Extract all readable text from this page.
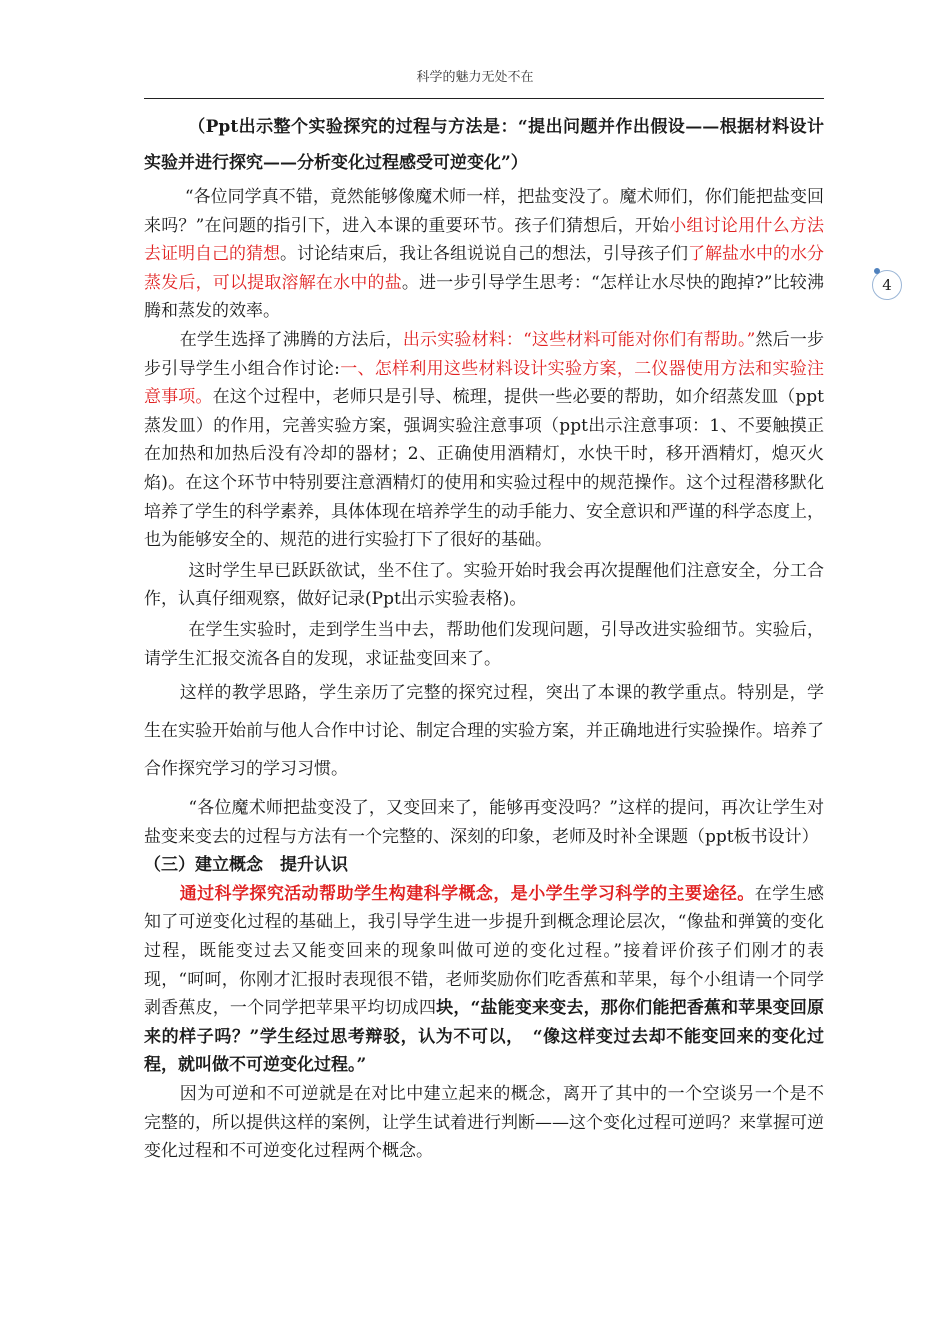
科学的魅力无处不在
4

（Ppt出示整个实验探究的过程与方法是：“提出问题并作出假设——根据材料设计实验并进行探究——分析变化过程感受可逆变化”）

　“各位同学真不错，竟然能够像魔术师一样，把盐变没了。魔术师们，你们能把盐变回来吗？”在问题的指引下，进入本课的重要环节。孩子们猜想后，开始小组讨论用什么方法去证明自己的猜想。讨论结束后，我让各组说说自己的想法，引导孩子们了解盐水中的水分蒸发后，可以提取溶解在水中的盐。进一步引导学生思考：“怎样让水尽快的跑掉?”比较沸腾和蒸发的效率。

在学生选择了沸腾的方法后，出示实验材料：“这些材料可能对你们有帮助。”然后一步步引导学生小组合作讨论:一、怎样利用这些材料设计实验方案，二仪器使用方法和实验注意事项。在这个过程中，老师只是引导、梳理，提供一些必要的帮助，如介绍蒸发皿（ppt蒸发皿）的作用，完善实验方案，强调实验注意事项（ppt出示注意事项：1、不要触摸正在加热和加热后没有冷却的器材；2、正确使用酒精灯，水快干时，移开酒精灯，熄灭火焰)。在这个环节中特别要注意酒精灯的使用和实验过程中的规范操作。这个过程潜移默化培养了学生的科学素养，具体体现在培养学生的动手能力、安全意识和严谨的科学态度上，也为能够安全的、规范的进行实验打下了很好的基础。

　这时学生早已跃跃欲试，坐不住了。实验开始时我会再次提醒他们注意安全，分工合作，认真仔细观察，做好记录(Ppt出示实验表格)。

　在学生实验时，走到学生当中去，帮助他们发现问题，引导改进实验细节。实验后，请学生汇报交流各自的发现，求证盐变回来了。

这样的教学思路，学生亲历了完整的探究过程，突出了本课的教学重点。特别是，学生在实验开始前与他人合作中讨论、制定合理的实验方案，并正确地进行实验操作。培养了合作探究学习的学习习惯。

　“各位魔术师把盐变没了，又变回来了，能够再变没吗？”这样的提问，再次让学生对盐变来变去的过程与方法有一个完整的、深刻的印象，老师及时补全课题（ppt板书设计）

（三）建立概念　提升认识

通过科学探究活动帮助学生构建科学概念，是小学生学习科学的主要途径。在学生感知了可逆变化过程的基础上，我引导学生进一步提升到概念理论层次，“像盐和弹簧的变化过程，既能变过去又能变回来的现象叫做可逆的变化过程。”接着评价孩子们刚才的表现，“呵呵，你刚才汇报时表现很不错，老师奖励你们吃香蕉和苹果，每个小组请一个同学剥香蕉皮，一个同学把苹果平均切成四块，“盐能变来变去，那你们能把香蕉和苹果变回原来的样子吗？”学生经过思考辩驳，认为不可以，　“像这样变过去却不能变回来的变化过程，就叫做不可逆变化过程。”

因为可逆和不可逆就是在对比中建立起来的概念，离开了其中的一个空谈另一个是不完整的，所以提供这样的案例，让学生试着进行判断——这个变化过程可逆吗？来掌握可逆变化过程和不可逆变化过程两个概念。
